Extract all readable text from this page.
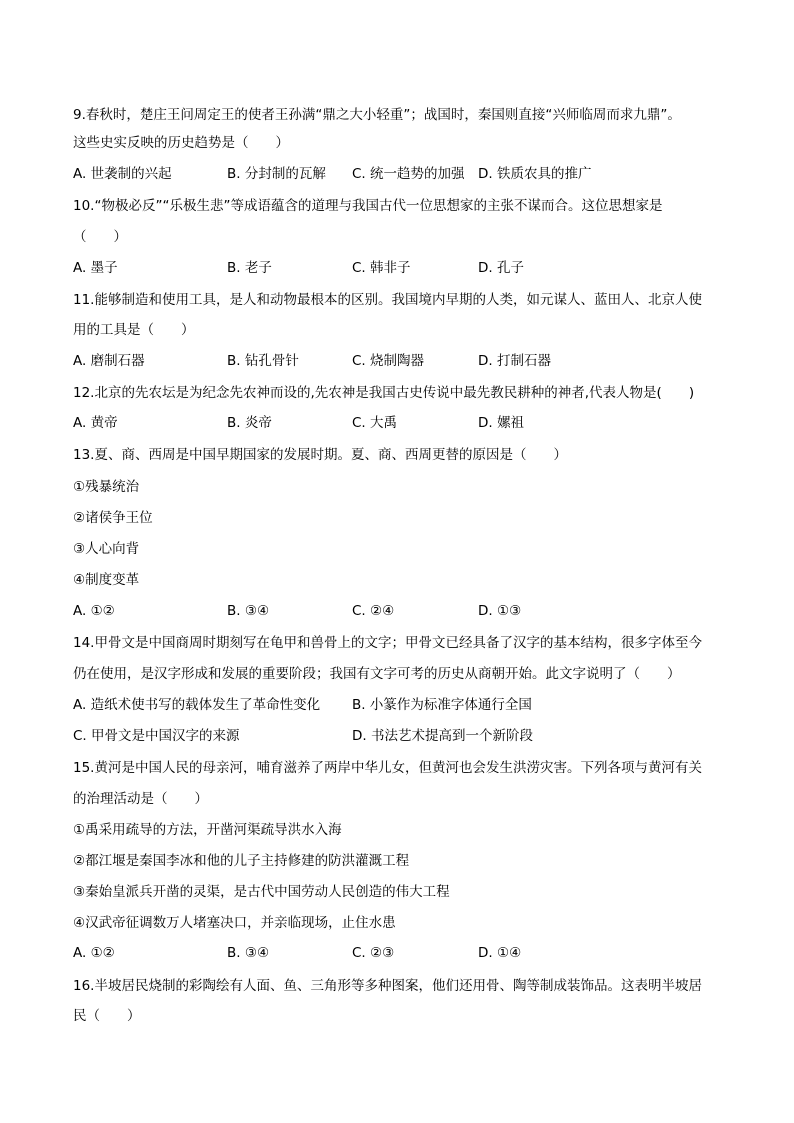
9.春秋时，楚庄王问周定王的使者王孙满“鼎之大小轻重”；战国时，秦国则直接“兴师临周而求九鼎”。
这些史实反映的历史趋势是（　　）
A. 世袭制的兴起	B. 分封制的瓦解 C. 统一趋势的加强 D. 铁质农具的推广
10.“物极必反”“乐极生悲”等成语蕴含的道理与我国古代一位思想家的主张不谋而合。这位思想家是
（　　）
A. 墨子	B. 老子	C. 韩非子	D. 孔子
11.能够制造和使用工具，是人和动物最根本的区别。我国境内早期的人类，如元谋人、蓝田人、北京人使
用的工具是（　　）
A. 磨制石器	B. 钻孔骨针	C. 烧制陶器	D. 打制石器
12.北京的先农坛是为纪念先农神而设的,先农神是我国古史传说中最先教民耕种的神者,代表人物是(　　)
A. 黄帝	B. 炎帝	C. 大禹	D. 嫘祖
13.夏、商、西周是中国早期国家的发展时期。夏、商、西周更替的原因是（　　）
①残暴统治
②诸侯争王位
③人心向背
④制度变革
A. ①②	B. ③④	C. ②④	D. ①③
14.甲骨文是中国商周时期刻写在龟甲和兽骨上的文字；甲骨文已经具备了汉字的基本结构，很多字体至今
仍在使用，是汉字形成和发展的重要阶段；我国有文字可考的历史从商朝开始。此文字说明了（　　）
A. 造纸术使书写的载体发生了革命性变化 B. 小篆作为标准字体通行全国
C. 甲骨文是中国汉字的来源	D. 书法艺术提高到一个新阶段
15.黄河是中国人民的母亲河，哺育滋养了两岸中华儿女，但黄河也会发生洪涝灾害。下列各项与黄河有关
的治理活动是（　　）
①禹采用疏导的方法，开凿河渠疏导洪水入海
②都江堰是秦国李冰和他的儿子主持修建的防洪灌溉工程
③秦始皇派兵开凿的灵渠，是古代中国劳动人民创造的伟大工程
④汉武帝征调数万人堵塞决口，并亲临现场，止住水患
A. ①②	B. ③④	C. ②③	D. ①④
16.半坡居民烧制的彩陶绘有人面、鱼、三角形等多种图案，他们还用骨、陶等制成装饰品。这表明半坡居
民（　　）
